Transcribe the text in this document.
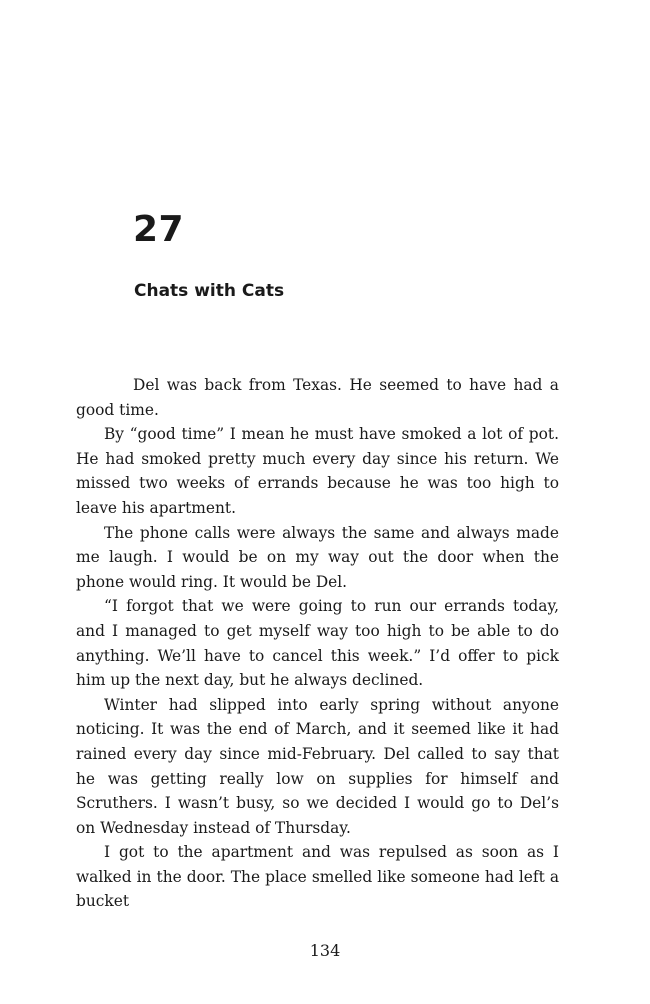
27
Chats with Cats

Del was back from Texas. He seemed to have had a good time.

By “good time” I mean he must have smoked a lot of pot. He had smoked pretty much every day since his return. We missed two weeks of errands because he was too high to leave his apartment.

The phone calls were always the same and always made me laugh. I would be on my way out the door when the phone would ring. It would be Del.

“I forgot that we were going to run our errands today, and I managed to get myself way too high to be able to do anything. We’ll have to cancel this week.” I’d offer to pick him up the next day, but he always declined.

Winter had slipped into early spring without anyone noticing. It was the end of March, and it seemed like it had rained every day since mid-February. Del called to say that he was getting really low on supplies for himself and Scruthers. I wasn’t busy, so we decided I would go to Del’s on Wednesday instead of Thursday.

I got to the apartment and was repulsed as soon as I walked in the door. The place smelled like someone had left a bucket

134
